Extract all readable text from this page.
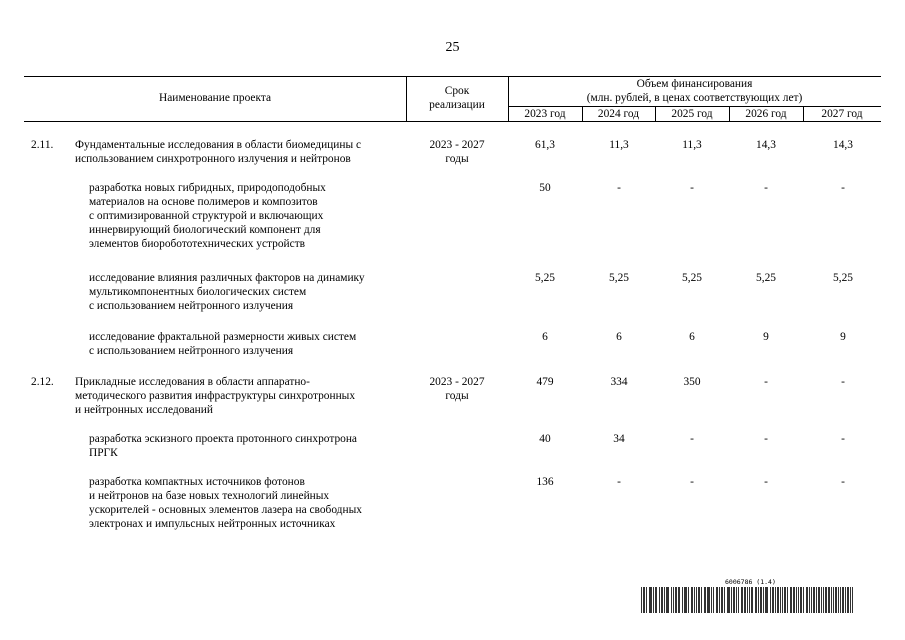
25
Наименование проекта
Срок
реализации
Объем финансирования
(млн. рублей, в ценах соответствующих лет)
2023 год	2024 год	2025 год	2026 год	2027 год
2.11. Фундаментальные исследования в области биомедицины с
использованием синхротронного излучения и нейтронов
2023 - 2027
годы
61,3	11,3	11,3	14,3	14,3
разработка новых гибридных, природоподобных
материалов на основе полимеров и композитов
с оптимизированной структурой и включающих
иннервирующий биологический компонент для
элементов биоробототехнических устройств
50	-	-	-	-
исследование влияния различных факторов на динамику
мультикомпонентных биологических систем
с использованием нейтронного излучения
5,25	5,25	5,25	5,25	5,25
исследование фрактальной размерности живых систем
с использованием нейтронного излучения
6	6	6	9	9
2.12. Прикладные исследования в области аппаратно-
методического развития инфраструктуры синхротронных
и нейтронных исследований
2023 - 2027
годы
479	334	350	-	-
разработка эскизного проекта протонного синхротрона
ПРГК
40	34	-	-	-
разработка компактных источников фотонов
и нейтронов на базе новых технологий линейных
ускорителей - основных элементов лазера на свободных
электронах и импульсных нейтронных источниках
136	-	-	-	-
6006786 (1.4)
